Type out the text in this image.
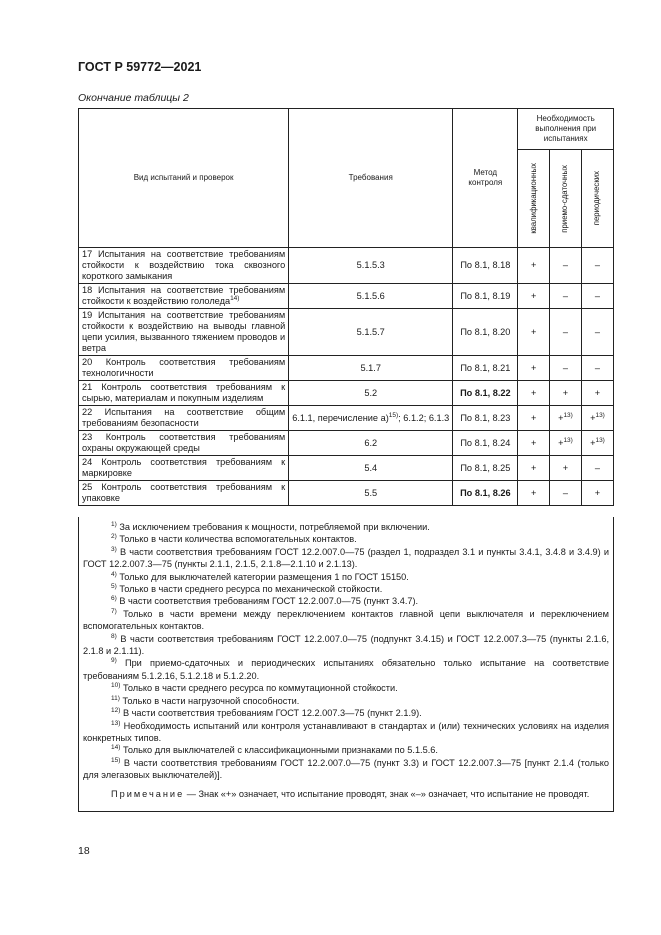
ГОСТ Р 59772—2021
Окончание таблицы 2
Вид испытаний и проверок	Требования	Метод контроля	Необходимость выполнения при испытаниях		

			квалификационных	приемо-сдаточных	периодических

17 Испытания на соответствие требованиям стойкости к воздействию тока сквозного короткого замыкания	5.1.5.3	По 8.1, 8.18	+	–	–
18 Испытания на соответствие требованиям стойкости к воздействию гололеда$^{14)}$	5.1.5.6	По 8.1, 8.19	+	–	–
19 Испытания на соответствие требованиям стойкости к воздействию на выводы главной цепи усилия, вызванного тяжением проводов и ветра	5.1.5.7	По 8.1, 8.20	+	–	–
20 Контроль соответствия требованиям технологичности	5.1.7	По 8.1, 8.21	+	–	–
21 Контроль соответствия требованиям к сырью, материалам и покупным изделиям	5.2	По 8.1, 8.22	+	+	+
22 Испытания на соответствие общим требованиям безопасности	6.1.1, перечисление а)$^{15)}$; 6.1.2; 6.1.3	По 8.1, 8.23	+	+$^{13)}$	+$^{13)}$
23 Контроль соответствия требованиям охраны окружающей среды	6.2	По 8.1, 8.24	+	+$^{13)}$	+$^{13)}$
24 Контроль соответствия требованиям к маркировке	5.4	По 8.1, 8.25	+	+	–
25 Контроль соответствия требованиям к упаковке	5.5	По 8.1, 8.26	+	–	+

$^{1)}$ За исключением требования к мощности, потребляемой при включении.

$^{2)}$ Только в части количества вспомогательных контактов.

$^{3)}$ В части соответствия требованиям ГОСТ 12.2.007.0—75 (раздел 1, подраздел 3.1 и пункты 3.4.1, 3.4.8 и 3.4.9) и ГОСТ 12.2.007.3—75 (пункты 2.1.1, 2.1.5, 2.1.8—2.1.10 и 2.1.13).

$^{4)}$ Только для выключателей категории размещения 1 по ГОСТ 15150.

$^{5)}$ Только в части среднего ресурса по механической стойкости.

$^{6)}$ В части соответствия требованиям ГОСТ 12.2.007.0—75 (пункт 3.4.7).

$^{7)}$ Только в части времени между переключением контактов главной цепи выключателя и переключением вспомогательных контактов.

$^{8)}$ В части соответствия требованиям ГОСТ 12.2.007.0—75 (подпункт 3.4.15) и ГОСТ 12.2.007.3—75 (пункты 2.1.6, 2.1.8 и 2.1.11).

$^{9)}$ При приемо-сдаточных и периодических испытаниях обязательно только испытание на соответствие требованиям 5.1.2.16, 5.1.2.18 и 5.1.2.20.

$^{10)}$ Только в части среднего ресурса по коммутационной стойкости.

$^{11)}$ Только в части нагрузочной способности.

$^{12)}$ В части соответствия требованиям ГОСТ 12.2.007.3—75 (пункт 2.1.9).

$^{13)}$ Необходимость испытаний или контроля устанавливают в стандартах и (или) технических условиях на изделия конкретных типов.

$^{14)}$ Только для выключателей с классификационными признаками по 5.1.5.6.

$^{15)}$ В части соответствия требованиям ГОСТ 12.2.007.0—75 (пункт 3.3) и ГОСТ 12.2.007.3—75 [пункт 2.1.4 (только для элегазовых выключателей)].

Примечание — Знак «+» означает, что испытание проводят, знак «–» означает, что испытание не проводят.

18
